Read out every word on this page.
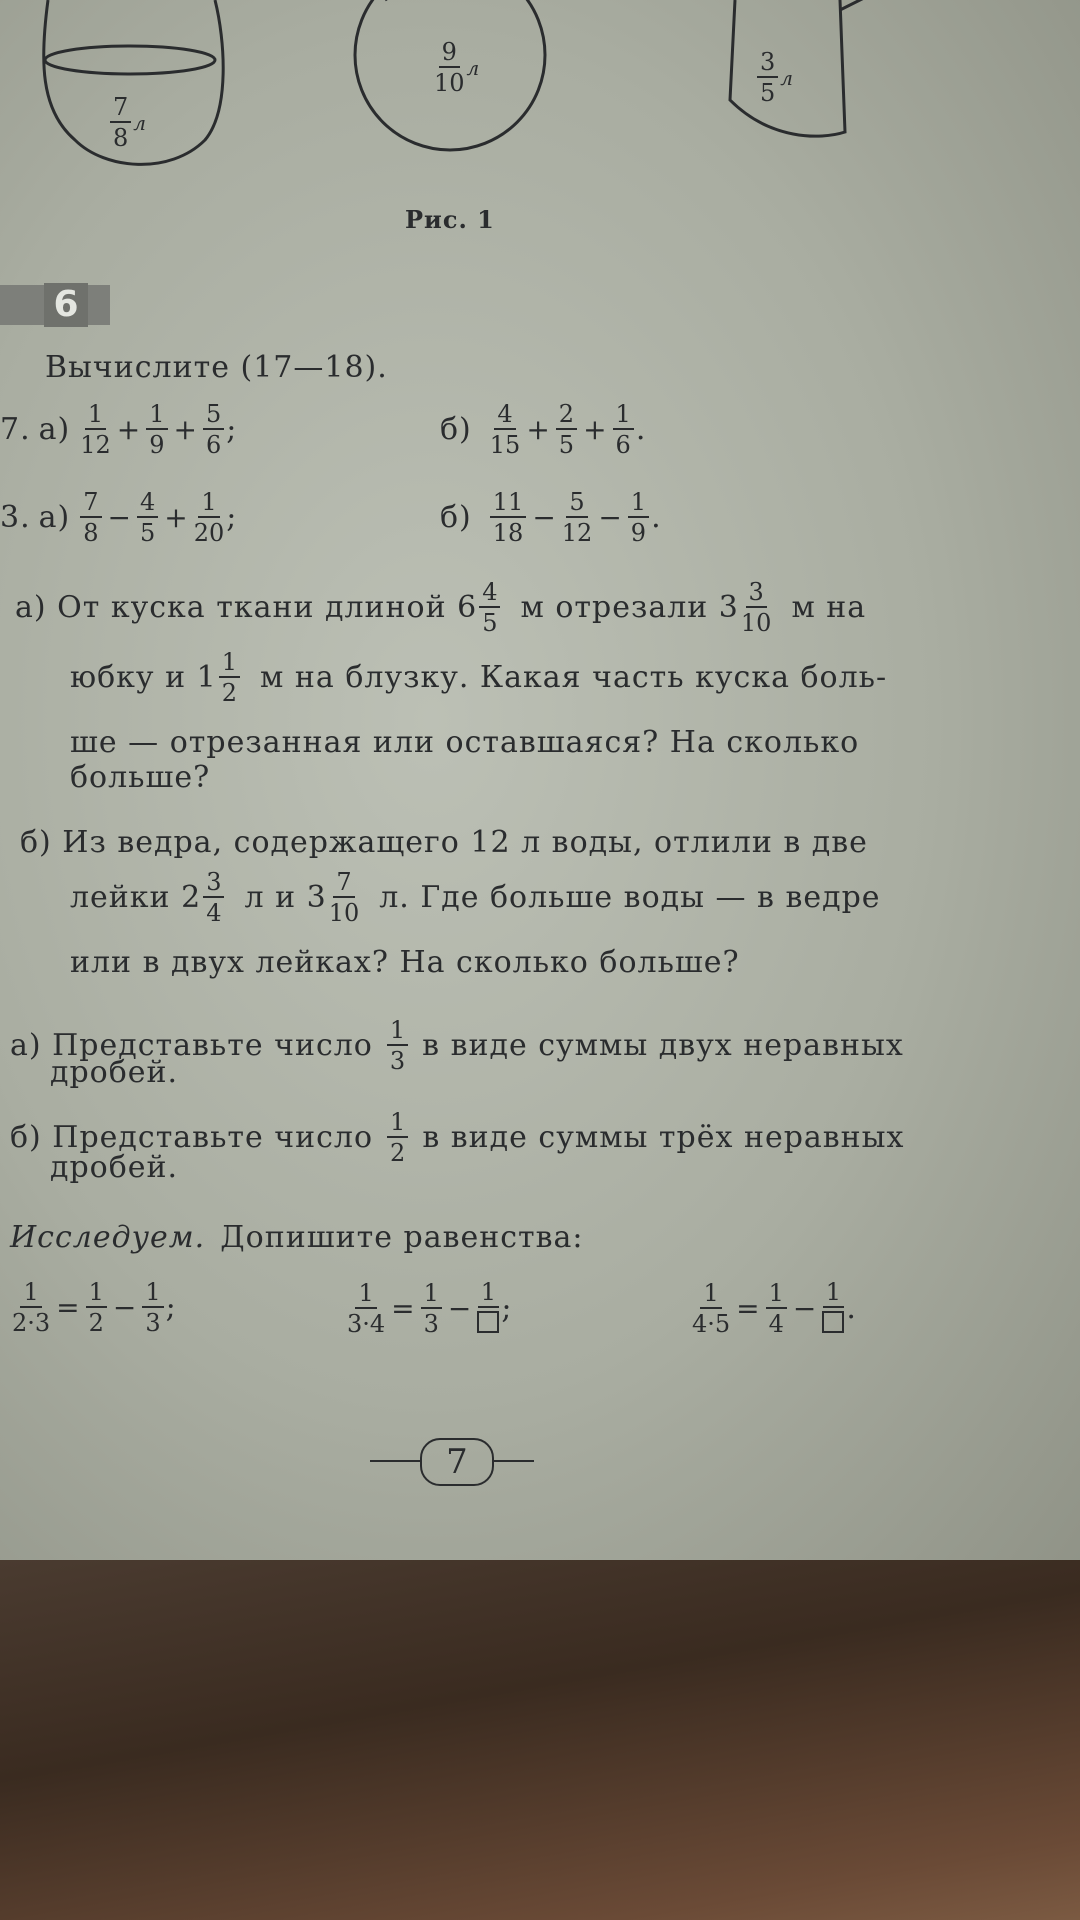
$\frac{7}{8}$ л
$\frac{9}{10}$ л	$\frac{3}{5}$ л
Рис. 1
6
Вычислите (17—18).
7. $а) \frac{1}{12} + \frac{1}{9} + \frac{5}{6}$ ;	$б) \frac{4}{15} + \frac{2}{5} + \frac{1}{6}$ .
3. $а) \frac{7}{8} - \frac{4}{5} + \frac{1}{20}$ ;	$б) \frac{11}{18} - \frac{5}{12} - \frac{1}{9}$ .
а) От куска ткани длиной $6 \frac{4}{5}$ м отрезали $3 \frac{3}{10}$ м на
юбку и $1 \frac{1}{2}$ м на блузку. Какая часть куска боль-
ше — отрезанная или оставшаяся? На сколько
больше?
б) Из ведра, содержащего 12 л воды, отлили в две
лейки $2 \frac{3}{4}$ л и $3 \frac{7}{10} л$. Где больше воды — в ведре
или в двух лейках? На сколько больше?
а) Представьте число $\frac{1}{3}$ в виде суммы двух неравных
дробей.
б) Представьте число $\frac{1}{2}$ в виде суммы трёх неравных
дробей.
Исследуем. Допишите равенства:
$\frac{1}{2\cdot 3} = \frac{1}{2} - \frac{1}{3}$ ;	$\frac{1}{3\cdot 4} = \frac{1}{3} - 1$ ;	$\frac{1}{4\cdot 5} = \frac{1}{4} - 1$ .
7
